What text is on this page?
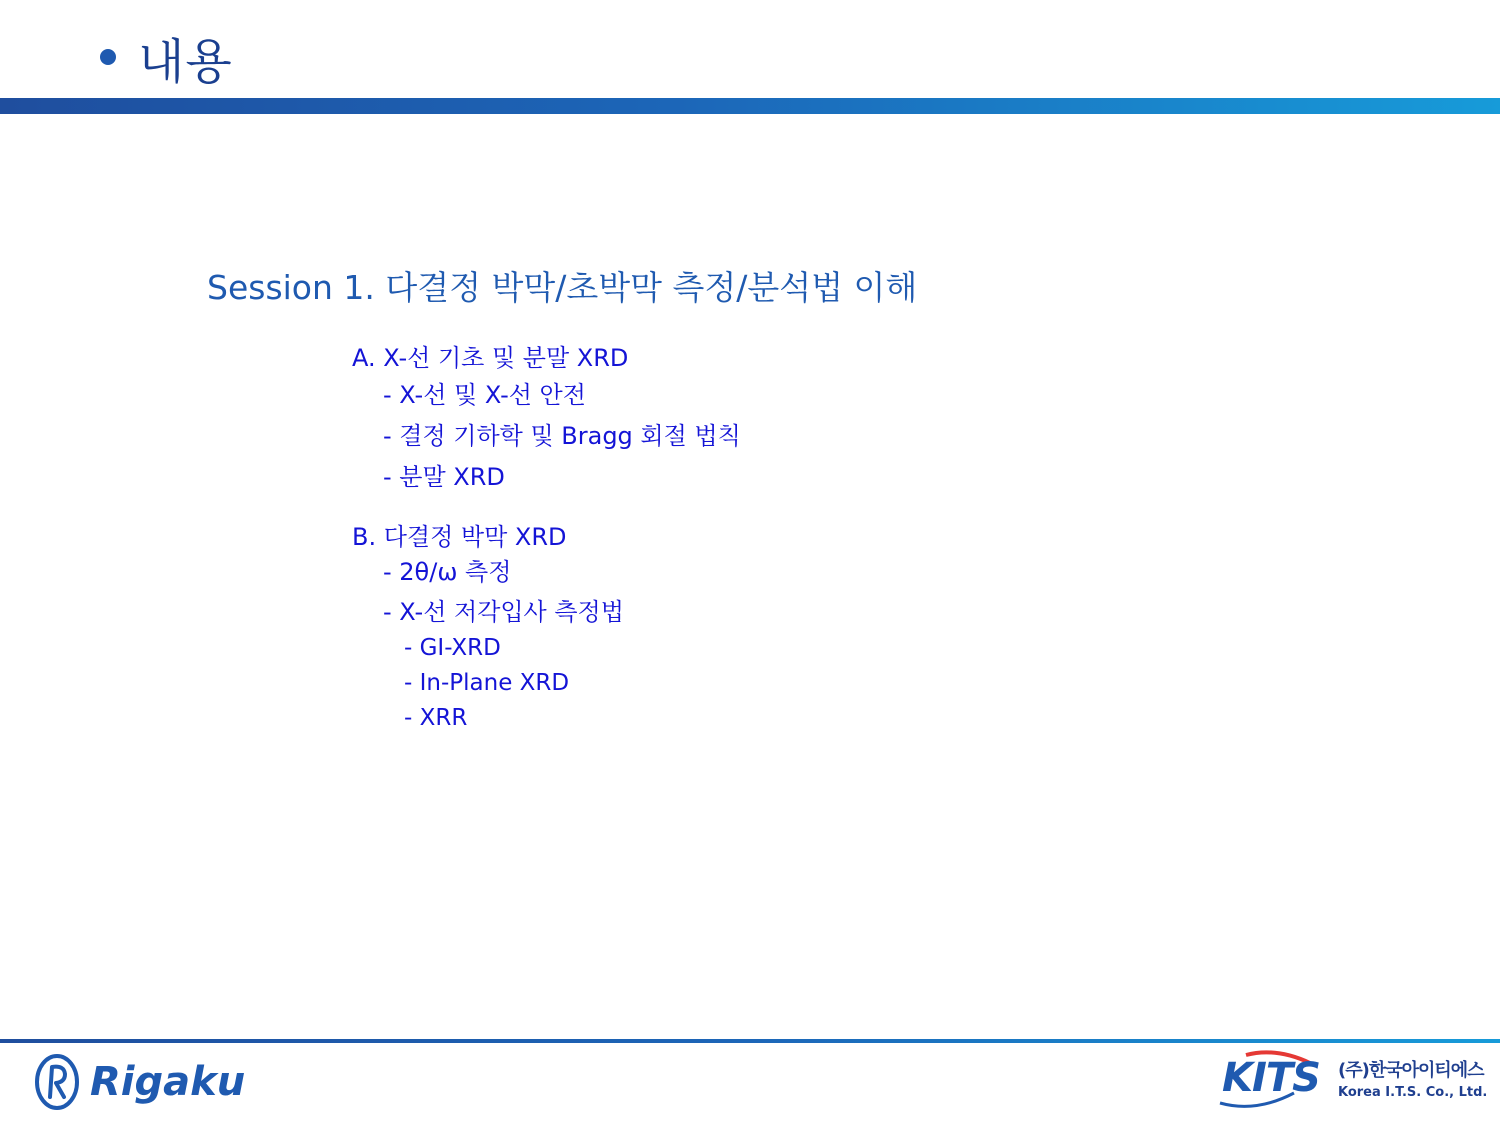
내용
Session 1. 다결정 박막/초박막 측정/분석법 이해
A. X-선 기초 및 분말 XRD
- X-선 및 X-선 안전
- 결정 기하학 및 Bragg 회절 법칙
- 분말 XRD
B. 다결정 박막 XRD
- 2θ/ω 측정
- X-선 저각입사 측정법
- GI-XRD
- In-Plane XRD
- XRR
Rigaku	KITS (주)한국아이티에스
Korea I.T.S. Co., Ltd.
